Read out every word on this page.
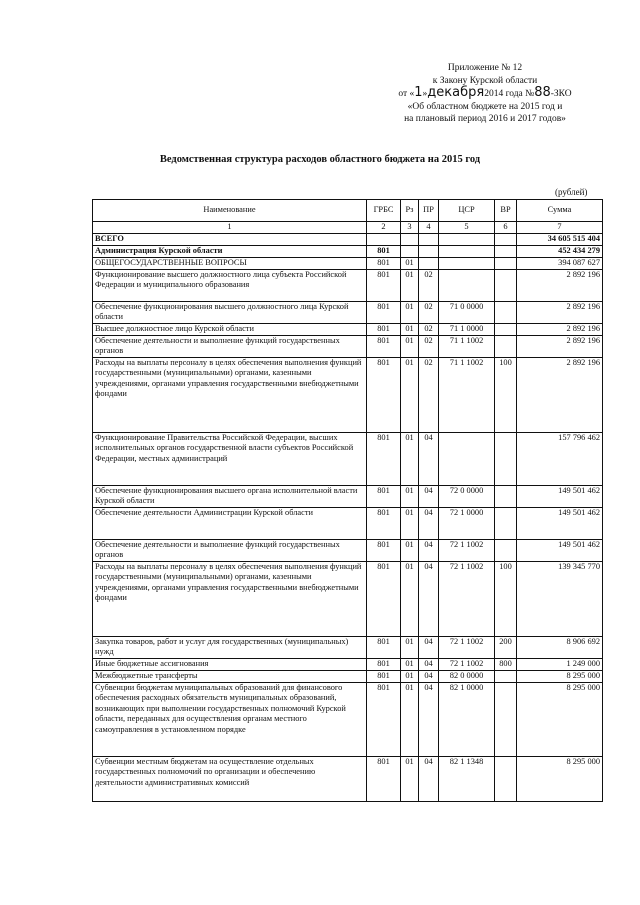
Приложение № 12
к Закону Курской области
от «1»декабря2014 года №88-ЗКО
«Об областном бюджете на 2015 год и
на плановый период 2016 и 2017 годов»
Ведомственная структура расходов областного бюджета на 2015 год
(рублей)
Наименование	ГРБС	Рз	ПР	ЦСР	ВР	Сумма
1	2	3	4	5	6	7
ВСЕГО						34 605 515 404
Администрация Курской области	801					452 434 279
ОБЩЕГОСУДАРСТВЕННЫЕ ВОПРОСЫ	801	01				394 087 627
Функционирование высшего должностного лица субъекта Российской Федерации и муниципального образования	801	01	02			2 892 196
Обеспечение функционирования высшего должностного лица Курской области	801	01	02	71 0 0000		2 892 196
Высшее должностное лицо Курской области	801	01	02	71 1 0000		2 892 196
Обеспечение деятельности и выполнение функций государственных органов	801	01	02	71 1 1002		2 892 196
Расходы на выплаты персоналу в целях обеспечения выполнения функций государственными (муниципальными) органами, казенными учреждениями, органами управления государственными внебюджетными фондами	801	01	02	71 1 1002	100	2 892 196
Функционирование Правительства Российской Федерации, высших исполнительных органов государственной власти субъектов Российской Федерации, местных администраций	801	01	04			157 796 462
Обеспечение функционирования высшего органа исполнительной власти Курской области	801	01	04	72 0 0000		149 501 462
Обеспечение деятельности Администрации Курской области	801	01	04	72 1 0000		149 501 462
Обеспечение деятельности и выполнение функций государственных органов	801	01	04	72 1 1002		149 501 462
Расходы на выплаты персоналу в целях обеспечения выполнения функций государственными (муниципальными) органами, казенными учреждениями, органами управления государственными внебюджетными фондами	801	01	04	72 1 1002	100	139 345 770
Закупка товаров, работ и услуг для государственных (муниципальных) нужд	801	01	04	72 1 1002	200	8 906 692
Иные бюджетные ассигнования	801	01	04	72 1 1002	800	1 249 000
Межбюджетные трансферты	801	01	04	82 0 0000		8 295 000
Субвенции бюджетам муниципальных образований для финансового обеспечения расходных обязательств муниципальных образований, возникающих при выполнении государственных полномочий Курской области, переданных для осуществления органам местного самоуправления в установленном порядке	801	01	04	82 1 0000		8 295 000
Субвенции местным бюджетам на осуществление отдельных государственных полномочий по организации и обеспечению деятельности административных комиссий	801	01	04	82 1 1348		8 295 000
